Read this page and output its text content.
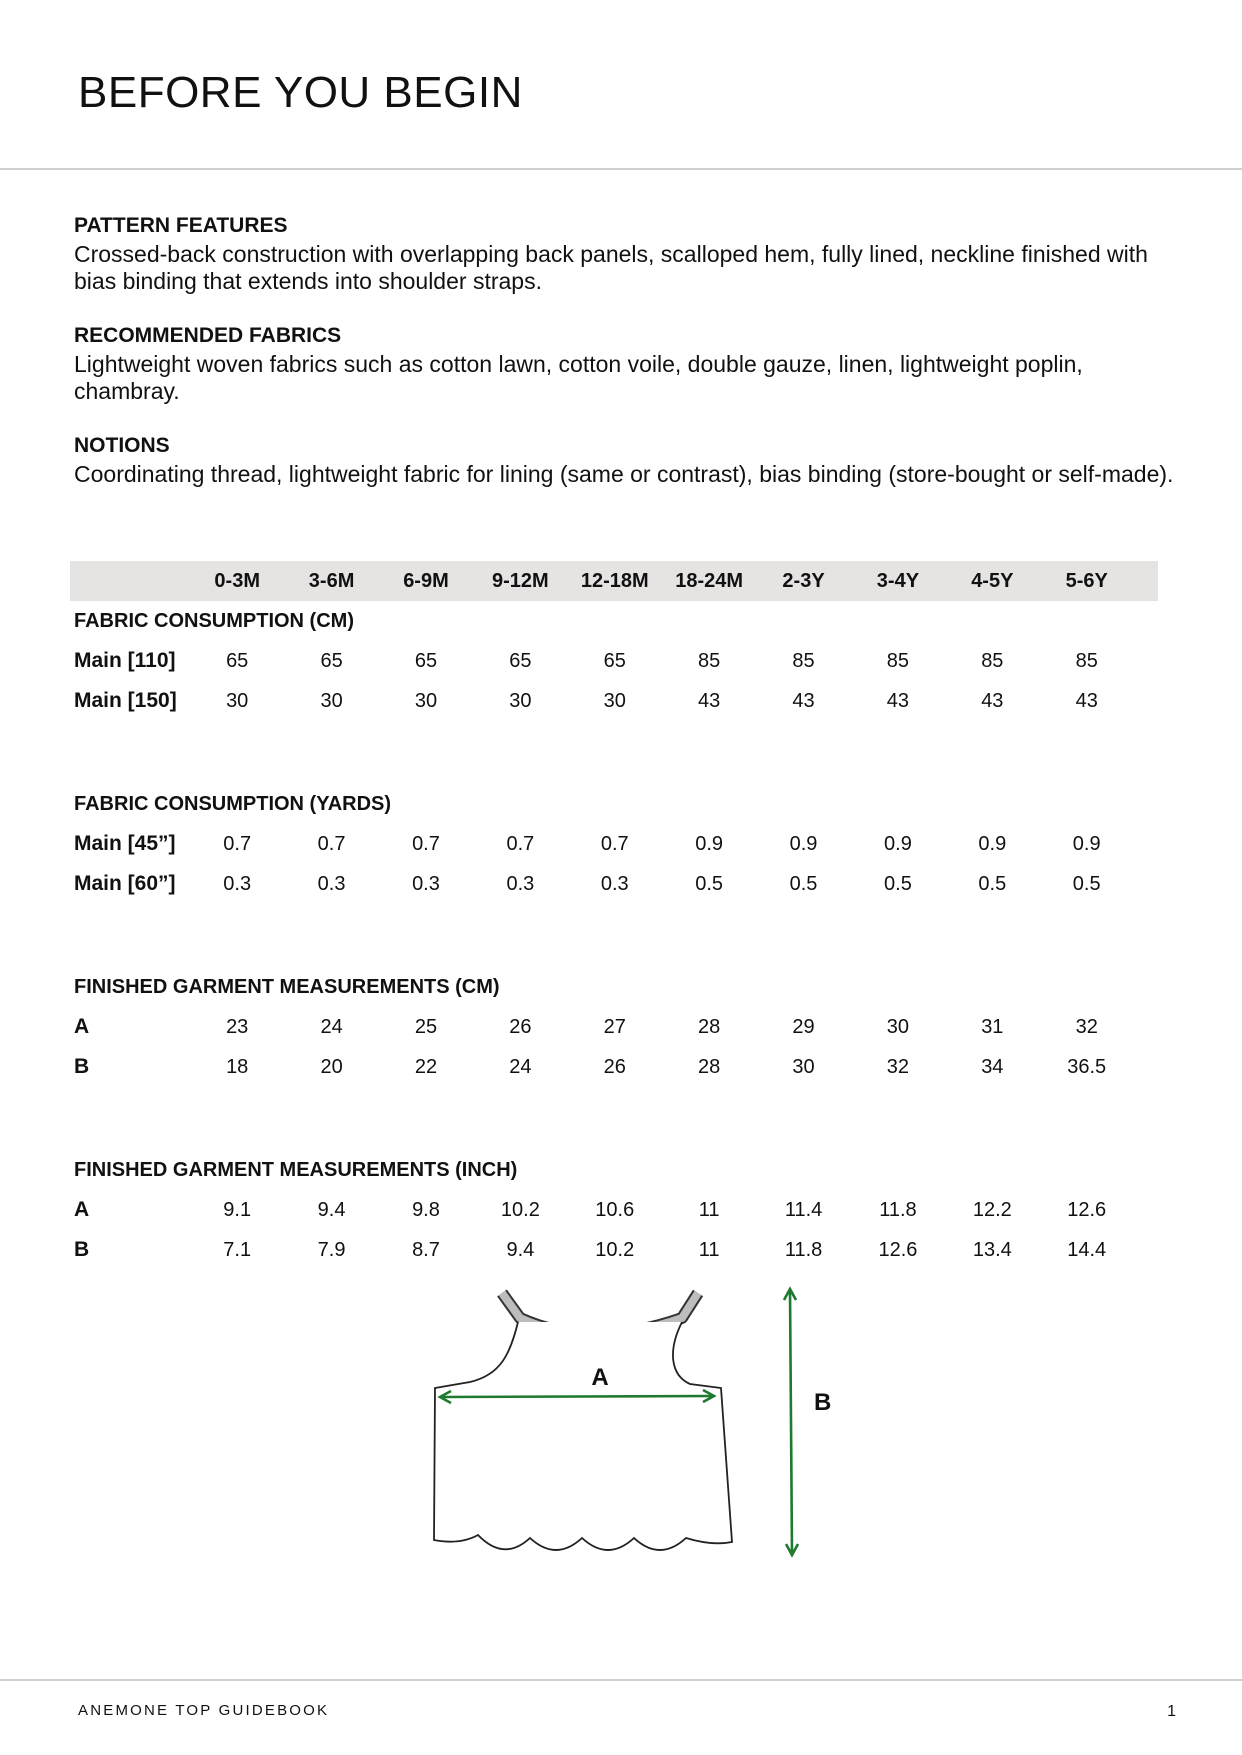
BEFORE YOU BEGIN
PATTERN FEATURES

Crossed-back construction with overlapping back panels, scalloped hem, fully lined, neckline finished with bias binding that extends into shoulder straps.

RECOMMENDED FABRICS

Lightweight woven fabrics such as cotton lawn, cotton voile, double gauze, linen, lightweight poplin, chambray.

NOTIONS

Coordinating thread, lightweight fabric for lining (same or contrast), bias binding (store-bought or self-made).

0-3M	3-6M	6-9M	9-12M	12-18M	18-24M	2-3Y	3-4Y	4-5Y	5-6Y
FABRIC CONSUMPTION (CM)
Main [110]	65	65	65	65	65	85	85	85	85	85
Main [150]	30	30	30	30	30	43	43	43	43	43
FABRIC CONSUMPTION (YARDS)
Main [45”]	0.7	0.7	0.7	0.7	0.7	0.9	0.9	0.9	0.9	0.9
Main [60”]	0.3	0.3	0.3	0.3	0.3	0.5	0.5	0.5	0.5	0.5
FINISHED GARMENT MEASUREMENTS (CM)
A	23	24	25	26	27	28	29	30	31	32
B	18	20	22	24	26	28	30	32	34	36.5
FINISHED GARMENT MEASUREMENTS (INCH)
A	9.1	9.4	9.8	10.2	10.6	11	11.4	11.8	12.2	12.6
B	7.1	7.9	8.7	9.4	10.2	11	11.8	12.6	13.4	14.4
A
B
ANEMONE TOP GUIDEBOOK	1
